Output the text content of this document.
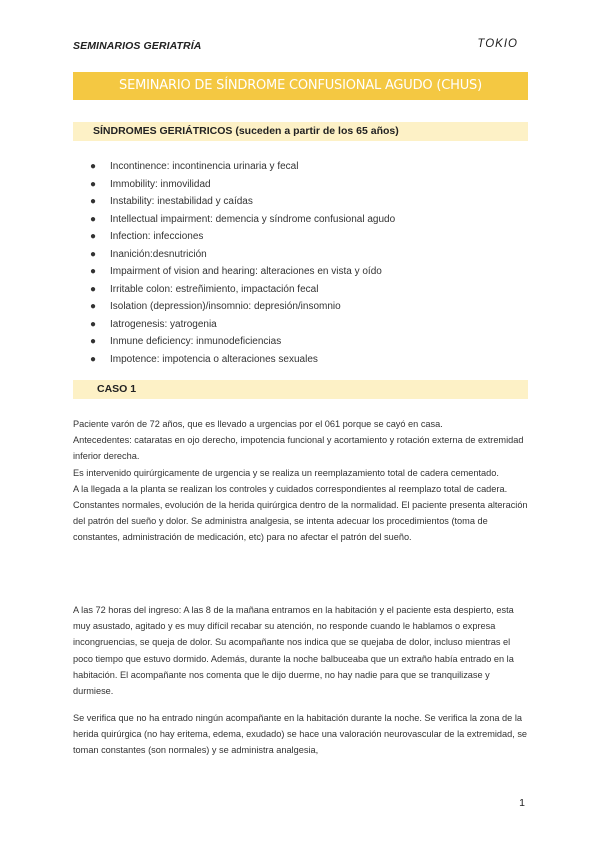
SEMINARIOS GERIATRÍA	TOKIO
SEMINARIO DE SÍNDROME CONFUSIONAL AGUDO (CHUS)
SÍNDROMES GERIÁTRICOS (suceden a partir de los 65 años)
● Incontinence: incontinencia urinaria y fecal
● Immobility: inmovilidad
● Instability: inestabilidad y caídas
● Intellectual impairment: demencia y síndrome confusional agudo
● Infection: infecciones
● Inanición:desnutrición
● Impairment of vision and hearing: alteraciones en vista y oído
● Irritable colon: estreñimiento, impactación fecal
● Isolation (depression)/insomnio: depresión/insomnio
● Iatrogenesis: yatrogenia
● Inmune deficiency: inmunodeficiencias
● Impotence: impotencia o alteraciones sexuales
CASO 1

Paciente varón de 72 años, que es llevado a urgencias por el 061 porque se cayó en casa.
Antecedentes: cataratas en ojo derecho, impotencia funcional y acortamiento y rotación externa de extremidad inferior derecha.
Es intervenido quirúrgicamente de urgencia y se realiza un reemplazamiento total de cadera cementado.
A la llegada a la planta se realizan los controles y cuidados correspondientes al reemplazo total de cadera. Constantes normales, evolución de la herida quirúrgica dentro de la normalidad. El paciente presenta alteración del patrón del sueño y dolor. Se administra analgesia, se intenta adecuar los procedimientos (toma de constantes, administración de medicación, etc) para no afectar el patrón del sueño.

A las 72 horas del ingreso: A las 8 de la mañana entramos en la habitación y el paciente esta despierto, esta muy asustado, agitado y es muy difícil recabar su atención, no responde cuando le hablamos o expresa incongruencias, se queja de dolor. Su acompañante nos indica que se quejaba de dolor, incluso mientras el poco tiempo que estuvo dormido. Además, durante la noche balbuceaba que un extraño había entrado en la habitación. El acompañante nos comenta que le dijo duerme, no hay nadie para que se tranquilizase y durmiese.

Se verifica que no ha entrado ningún acompañante en la habitación durante la noche. Se verifica la zona de la herida quirúrgica (no hay eritema, edema, exudado) se hace una valoración neurovascular de la extremidad, se toman constantes (son normales) y se administra analgesia,

1
